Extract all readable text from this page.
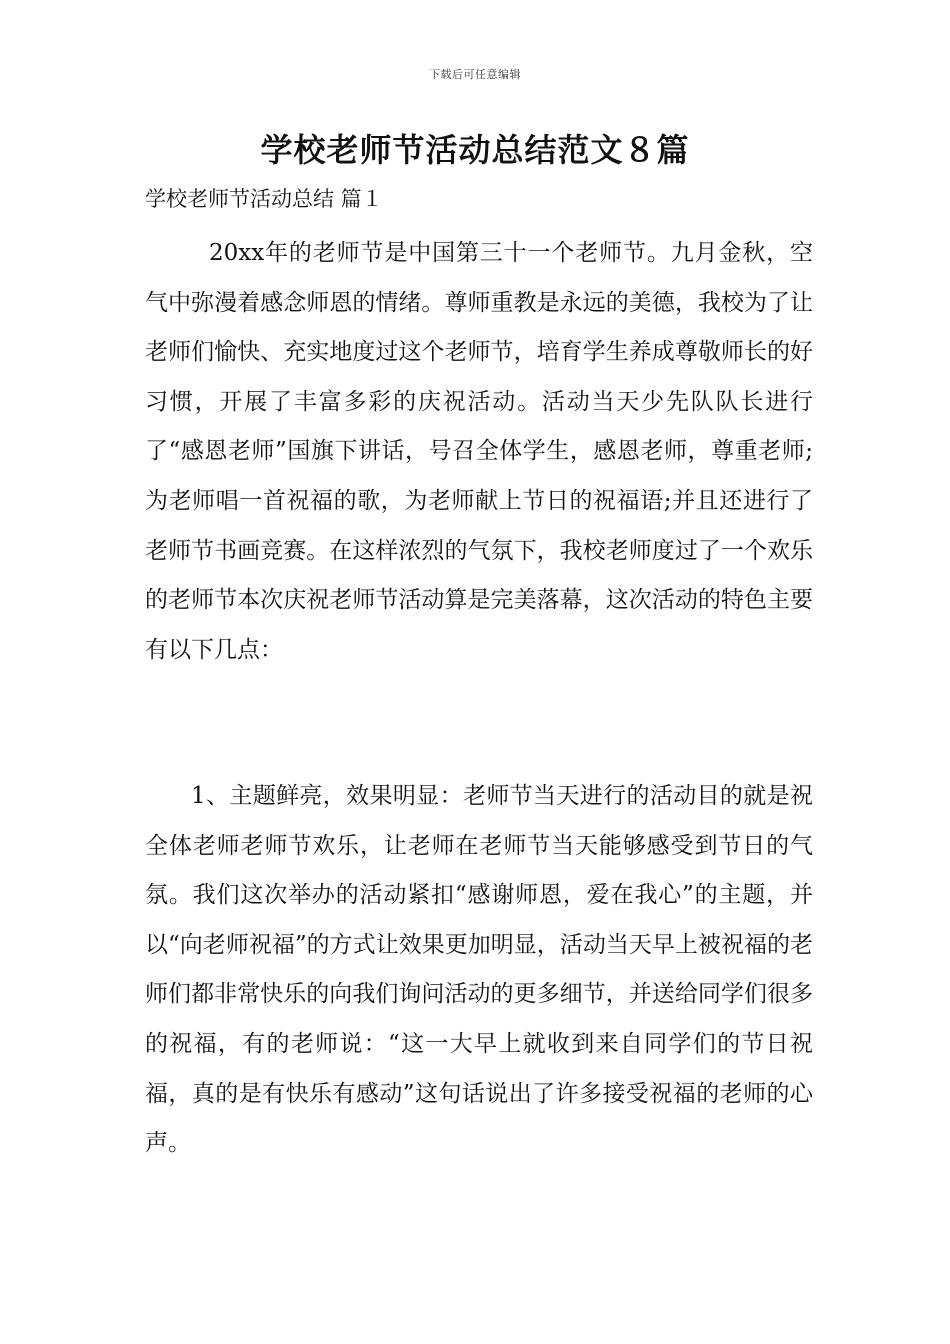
下载后可任意编辑
学校老师节活动总结范文８篇
学校老师节活动总结 篇１
20xx年的老师节是中国第三十一个老师节。九月金秋，空气中弥漫着感念师恩的情绪。尊师重教是永远的美德，我校为了让老师们愉快、充实地度过这个老师节，培育学生养成尊敬师长的好习惯，开展了丰富多彩的庆祝活动。活动当天少先队队长进行了“感恩老师”国旗下讲话，号召全体学生，感恩老师，尊重老师;为老师唱一首祝福的歌，为老师献上节日的祝福语;并且还进行了老师节书画竞赛。在这样浓烈的气氛下，我校老师度过了一个欢乐的老师节本次庆祝老师节活动算是完美落幕，这次活动的特色主要有以下几点：
1、主题鲜亮，效果明显：老师节当天进行的活动目的就是祝全体老师老师节欢乐，让老师在老师节当天能够感受到节日的气氛。我们这次举办的活动紧扣“感谢师恩，爱在我心”的主题，并以“向老师祝福”的方式让效果更加明显，活动当天早上被祝福的老师们都非常快乐的向我们询问活动的更多细节，并送给同学们很多的祝福，有的老师说：“这一大早上就收到来自同学们的节日祝福，真的是有快乐有感动”这句话说出了许多接受祝福的老师的心声。
